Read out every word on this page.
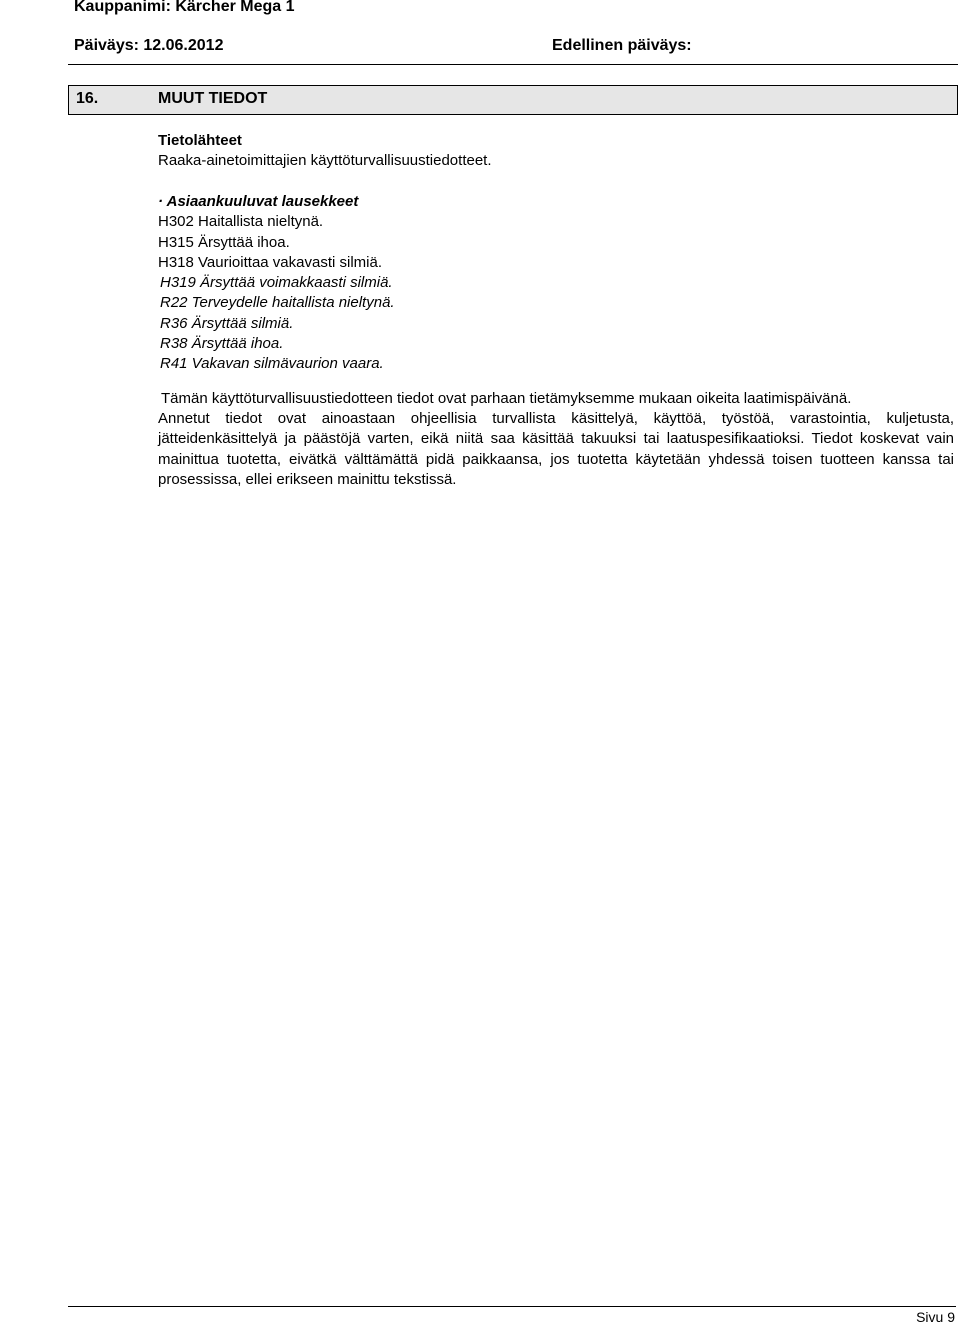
Kauppanimi: Kärcher Mega 1
Päiväys: 12.06.2012	Edellinen päiväys:
16.	MUUT TIEDOT
Tietolähteet
Raaka-ainetoimittajien käyttöturvallisuustiedotteet.
· Asiaankuuluvat lausekkeet
H302 Haitallista nieltynä.
H315 Ärsyttää ihoa.
H318 Vaurioittaa vakavasti silmiä.
H319 Ärsyttää voimakkaasti silmiä.
R22 Terveydelle haitallista nieltynä.
R36 Ärsyttää silmiä.
R38 Ärsyttää ihoa.
R41 Vakavan silmävaurion vaara.
Tämän käyttöturvallisuustiedotteen tiedot ovat parhaan tietämyksemme mukaan oikeita laatimispäivänä.
Annetut tiedot ovat ainoastaan ohjeellisia turvallista käsittelyä, käyttöä, työstöä, varastointia, kuljetusta, jätteidenkäsittelyä ja päästöjä varten, eikä niitä saa käsittää takuuksi tai laatuspesifikaatioksi. Tiedot koskevat vain mainittua tuotetta, eivätkä välttämättä pidä paikkaansa, jos tuotetta käytetään yhdessä toisen tuotteen kanssa tai prosessissa, ellei erikseen mainittu tekstissä.
Sivu 9
